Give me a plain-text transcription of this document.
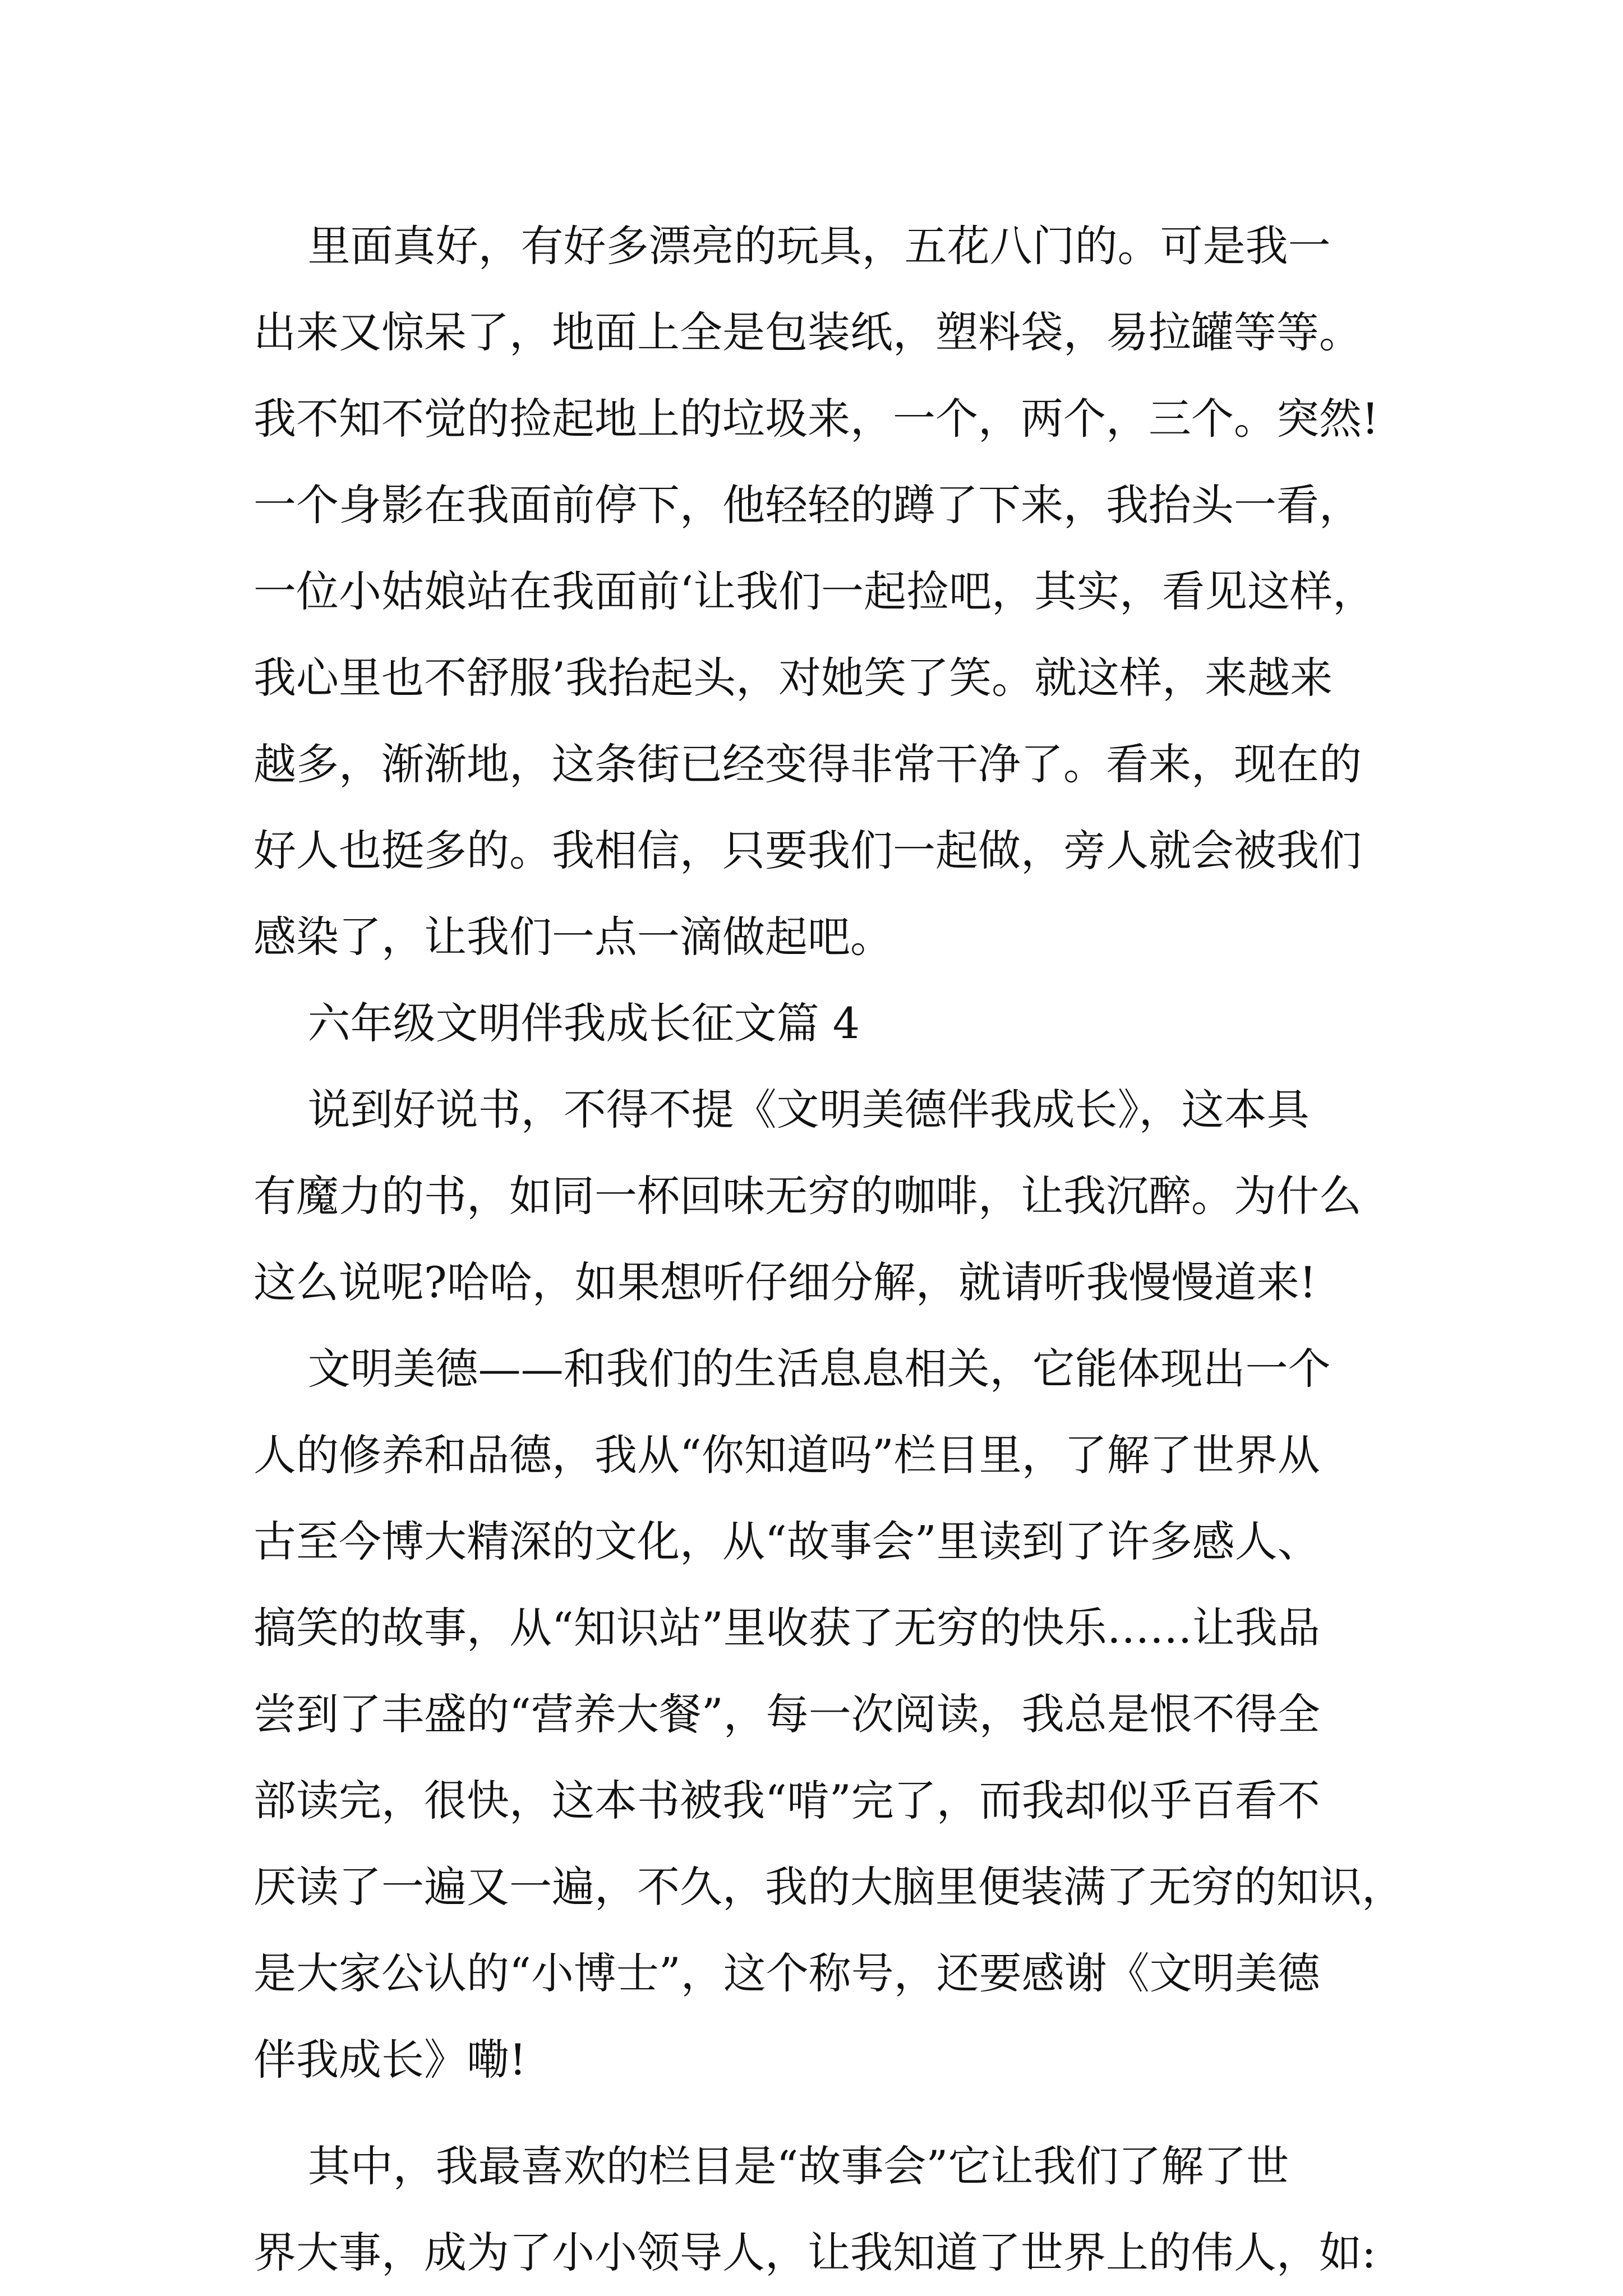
里面真好，有好多漂亮的玩具，五花八门的。可是我一
出来又惊呆了，地面上全是包装纸，塑料袋，易拉罐等等。
我不知不觉的捡起地上的垃圾来，一个，两个，三个。突然!
一个身影在我面前停下，他轻轻的蹲了下来，我抬头一看，
一位小姑娘站在我面前‘让我们一起捡吧，其实，看见这样，
我心里也不舒服’我抬起头，对她笑了笑。就这样，来越来
越多，渐渐地，这条街已经变得非常干净了。看来，现在的
好人也挺多的。我相信，只要我们一起做，旁人就会被我们
感染了，让我们一点一滴做起吧。
六年级文明伴我成长征文篇 4
说到好说书，不得不提《文明美德伴我成长》，这本具
有魔力的书，如同一杯回味无穷的咖啡，让我沉醉。为什么
这么说呢?哈哈，如果想听仔细分解，就请听我慢慢道来!
文明美德——和我们的生活息息相关，它能体现出一个
人的修养和品德，我从“你知道吗”栏目里，了解了世界从
古至今博大精深的文化，从“故事会”里读到了许多感人、
搞笑的故事，从“知识站”里收获了无穷的快乐……让我品
尝到了丰盛的“营养大餐”，每一次阅读，我总是恨不得全
部读完，很快，这本书被我“啃”完了，而我却似乎百看不
厌读了一遍又一遍，不久，我的大脑里便装满了无穷的知识，
是大家公认的“小博士”，这个称号，还要感谢《文明美德
伴我成长》嘞!
其中，我最喜欢的栏目是“故事会”它让我们了解了世
界大事，成为了小小领导人，让我知道了世界上的伟人，如:
